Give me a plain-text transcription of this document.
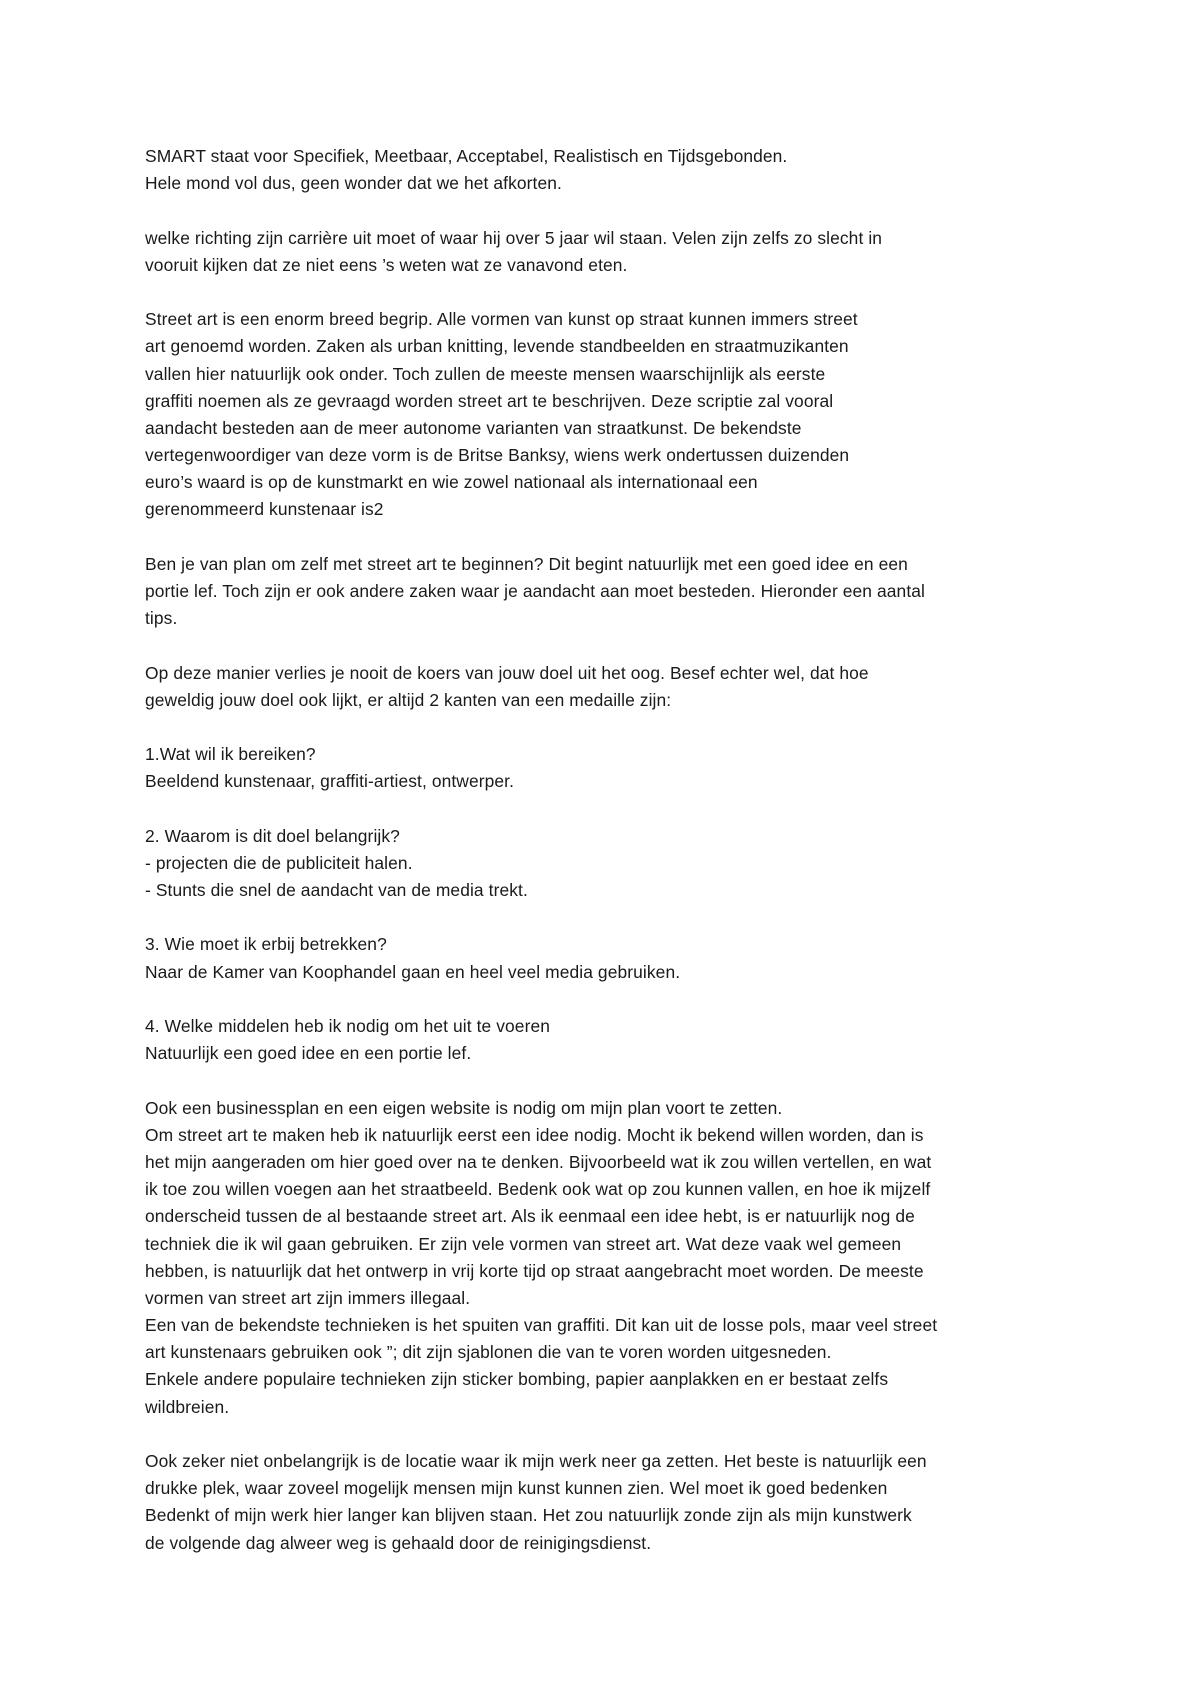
SMART staat voor Specifiek, Meetbaar, Acceptabel, Realistisch en Tijdsgebonden.
Hele mond vol dus, geen wonder dat we het afkorten.
welke richting zijn carrière uit moet of waar hij over 5 jaar wil staan. Velen zijn zelfs zo slecht in
vooruit kijken dat ze niet eens ’s weten wat ze vanavond eten.
Street art is een enorm breed begrip. Alle vormen van kunst op straat kunnen immers street
art genoemd worden. Zaken als urban knitting, levende standbeelden en straatmuzikanten
vallen hier natuurlijk ook onder. Toch zullen de meeste mensen waarschijnlijk als eerste
graffiti noemen als ze gevraagd worden street art te beschrijven. Deze scriptie zal vooral
aandacht besteden aan de meer autonome varianten van straatkunst. De bekendste
vertegenwoordiger van deze vorm is de Britse Banksy, wiens werk ondertussen duizenden
euro’s waard is op de kunstmarkt en wie zowel nationaal als internationaal een
gerenommeerd kunstenaar is2
Ben je van plan om zelf met street art te beginnen? Dit begint natuurlijk met een goed idee en een
portie lef. Toch zijn er ook andere zaken waar je aandacht aan moet besteden. Hieronder een aantal
tips.
Op deze manier verlies je nooit de koers van jouw doel uit het oog. Besef echter wel, dat hoe
geweldig jouw doel ook lijkt, er altijd 2 kanten van een medaille zijn:
1.Wat wil ik bereiken?
Beeldend kunstenaar, graffiti-artiest, ontwerper.
2. Waarom is dit doel belangrijk?
- projecten die de publiciteit halen.
- Stunts die snel de aandacht van de media trekt.
3. Wie moet ik erbij betrekken?
Naar de Kamer van Koophandel gaan en heel veel media gebruiken.
4. Welke middelen heb ik nodig om het uit te voeren
Natuurlijk een goed idee en een portie lef.
Ook een businessplan en een eigen website is nodig om mijn plan voort te zetten.
Om street art te maken heb ik natuurlijk eerst een idee nodig. Mocht ik bekend willen worden, dan is
het mijn aangeraden om hier goed over na te denken. Bijvoorbeeld wat ik zou willen vertellen, en wat
ik toe zou willen voegen aan het straatbeeld. Bedenk ook wat op zou kunnen vallen, en hoe ik mijzelf
onderscheid tussen de al bestaande street art. Als ik eenmaal een idee hebt, is er natuurlijk nog de
techniek die ik wil gaan gebruiken. Er zijn vele vormen van street art. Wat deze vaak wel gemeen
hebben, is natuurlijk dat het ontwerp in vrij korte tijd op straat aangebracht moet worden. De meeste
vormen van street art zijn immers illegaal.
Een van de bekendste technieken is het spuiten van graffiti. Dit kan uit de losse pols, maar veel street
art kunstenaars gebruiken ook ”; dit zijn sjablonen die van te voren worden uitgesneden.
Enkele andere populaire technieken zijn sticker bombing, papier aanplakken en er bestaat zelfs
wildbreien.
Ook zeker niet onbelangrijk is de locatie waar ik mijn werk neer ga zetten. Het beste is natuurlijk een
drukke plek, waar zoveel mogelijk mensen mijn kunst kunnen zien. Wel moet ik goed bedenken
Bedenkt of mijn werk hier langer kan blijven staan. Het zou natuurlijk zonde zijn als mijn kunstwerk
de volgende dag alweer weg is gehaald door de reinigingsdienst.
